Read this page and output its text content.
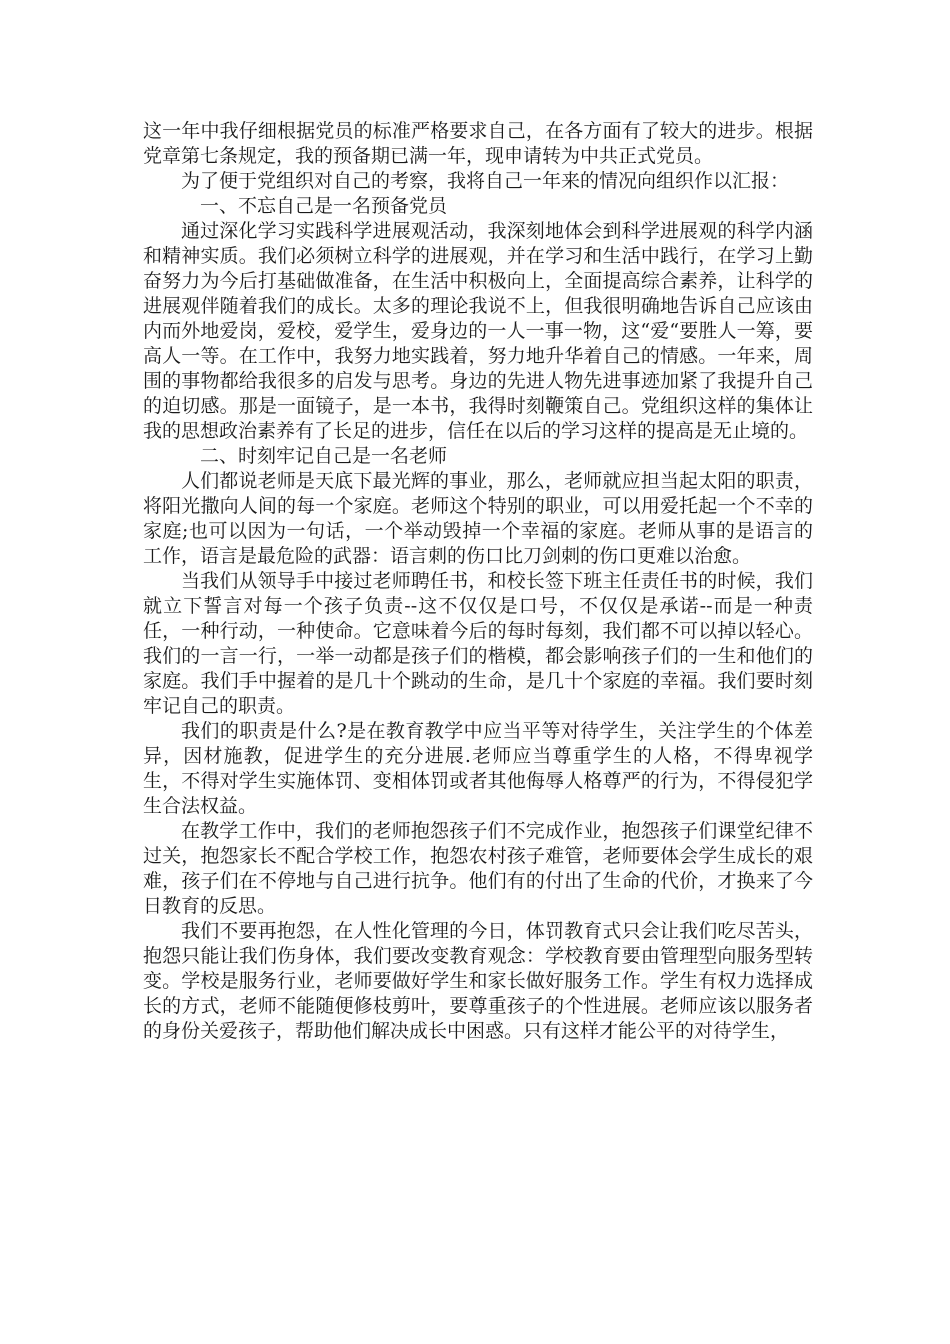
这一年中我仔细根据党员的标准严格要求自己，在各方面有了较大的进步。根据党章第七条规定，我的预备期已满一年，现申请转为中共正式党员。

为了便于党组织对自己的考察，我将自己一年来的情况向组织作以汇报：

一、不忘自己是一名预备党员

通过深化学习实践科学进展观活动，我深刻地体会到科学进展观的科学内涵和精神实质。我们必须树立科学的进展观，并在学习和生活中践行，在学习上勤奋努力为今后打基础做准备，在生活中积极向上，全面提高综合素养，让科学的进展观伴随着我们的成长。太多的理论我说不上，但我很明确地告诉自己应该由内而外地爱岗，爱校，爱学生，爱身边的一人一事一物，这“爱“要胜人一筹，要高人一等。在工作中，我努力地实践着，努力地升华着自己的情感。一年来，周围的事物都给我很多的启发与思考。身边的先进人物先进事迹加紧了我提升自己的迫切感。那是一面镜子，是一本书，我得时刻鞭策自己。党组织这样的集体让我的思想政治素养有了长足的进步，信任在以后的学习这样的提高是无止境的。

二、时刻牢记自己是一名老师

人们都说老师是天底下最光辉的事业，那么，老师就应担当起太阳的职责，将阳光撒向人间的每一个家庭。老师这个特别的职业，可以用爱托起一个不幸的家庭;也可以因为一句话，一个举动毁掉一个幸福的家庭。老师从事的是语言的工作，语言是最危险的武器：语言刺的伤口比刀剑刺的伤口更难以治愈。

当我们从领导手中接过老师聘任书，和校长签下班主任责任书的时候，我们就立下誓言对每一个孩子负责--这不仅仅是口号，不仅仅是承诺--而是一种责任，一种行动，一种使命。它意味着今后的每时每刻，我们都不可以掉以轻心。我们的一言一行，一举一动都是孩子们的楷模，都会影响孩子们的一生和他们的家庭。我们手中握着的是几十个跳动的生命，是几十个家庭的幸福。我们要时刻牢记自己的职责。

我们的职责是什么?是在教育教学中应当平等对待学生，关注学生的个体差异，因材施教，促进学生的充分进展.老师应当尊重学生的人格，不得卑视学生，不得对学生实施体罚、变相体罚或者其他侮辱人格尊严的行为，不得侵犯学生合法权益。

在教学工作中，我们的老师抱怨孩子们不完成作业，抱怨孩子们课堂纪律不过关，抱怨家长不配合学校工作，抱怨农村孩子难管，老师要体会学生成长的艰难，孩子们在不停地与自己进行抗争。他们有的付出了生命的代价，才换来了今日教育的反思。

我们不要再抱怨，在人性化管理的今日，体罚教育式只会让我们吃尽苦头，抱怨只能让我们伤身体，我们要改变教育观念：学校教育要由管理型向服务型转变。学校是服务行业，老师要做好学生和家长做好服务工作。学生有权力选择成长的方式，老师不能随便修枝剪叶，要尊重孩子的个性进展。老师应该以服务者的身份关爱孩子，帮助他们解决成长中困惑。只有这样才能公平的对待学生，
